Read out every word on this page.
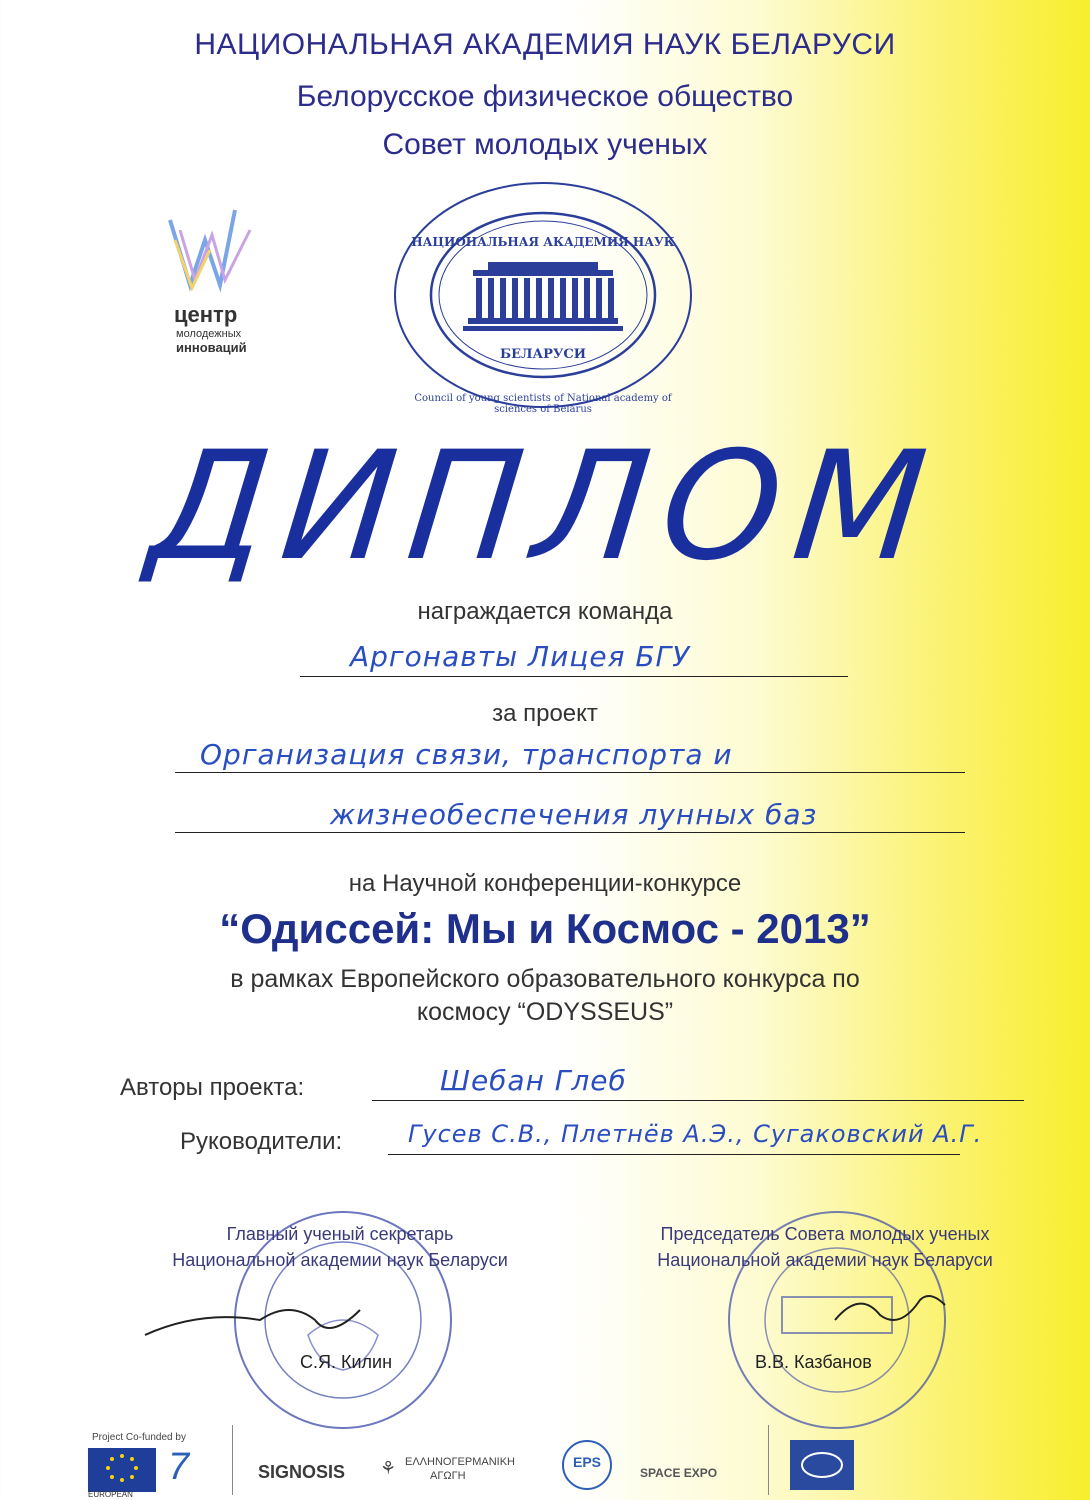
НАЦИОНАЛЬНАЯ АКАДЕМИЯ НАУК БЕЛАРУСИ
Белорусское физическое общество
Совет молодых ученых
центр
молодежных
инноваций
НАЦИОНАЛЬНАЯ АКАДЕМИЯ НАУК
БЕЛАРУСИ
Council of young scientists of National academy of sciences of Belarus
ДИПЛОМ
награждается команда
Аргонавты Лицея БГУ
за проект
Организация связи, транспорта и
жизнеобеспечения лунных баз
на Научной конференции-конкурсе
“Одиссей: Мы и Космос - 2013”
в рамках Европейского образовательного конкурса по
космосу “ODYSSEUS”
Авторы проекта:	Шебан Глеб
Руководители:	Гусев С.В., Плетнёв А.Э., Сугаковский А.Г.
Главный ученый секретарь
Национальной академии наук Беларуси
С.Я. Килин
Председатель Совета молодых ученых
Национальной академии наук Беларуси
В.В. Казбанов
Project Co-funded by
EUROPEAN
7	SIGNOSIS ⚘ ΕΛΛΗΝΟΓΕΡΜΑΝΙΚΗ
ΑΓΩΓΗ
EPS
SPACE EXPO
